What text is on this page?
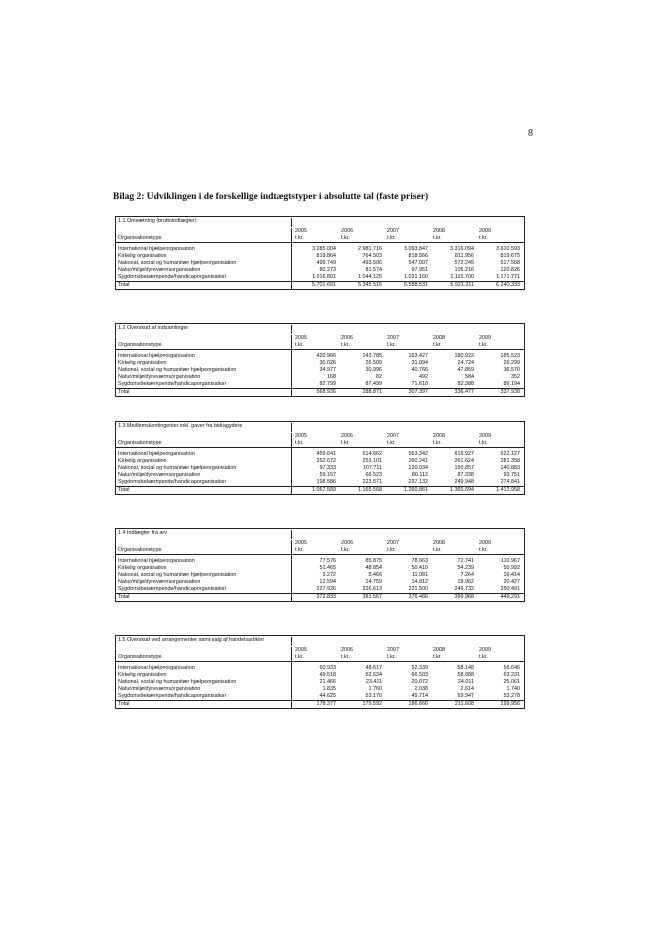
8
Bilag 2: Udviklingen i de forskellige indtægtstyper i absolutte tal (faste priser)
1.1 Omsætning (bruttoindtægter)
2005	2006	2007	2008	2009
Organisationstype	t.kr.	t.kr.	t.kr.	t.kr.	t.kr.
International hjælpeorganisation	3.285.004	2.981.716	3.093.847	3.316.094	3.610.593
Kirkelig organisation	819.864	764.503	818.566	811.956	819.675
National, social og humanitær hjælpeorganisation	499.749	493.596	547.007	572.245	517.568
Natur/miljø/dyreværnsorganisation	80.273	81.574	97.951	105.216	120.826
Sygdomsbekæmpende/handicaporganisation	1.016.801	1.044.125	1.031.160	1.115.700	1.171.771
Total	5.701.691	5.345.516	5.588.531	5.921.211	6.240.333
1.2 Overskud af indsamlinger
2005	2006	2007	2008	2009
Organisationstype	t.kr.	t.kr.	t.kr.	t.kr.	t.kr.
International hjælpeorganisation	420.966	143.785	163.427	180.922	185.523
Kirkelig organisation	30.026	26.509	31.094	24.724	26.299
National, social og humanitær hjælpeorganisation	34.977	30.996	40.766	47.859	36.570
Natur/miljø/dyreværnsorganisation	168	82	492	584	352
Sygdomsbekæmpende/handicaporganisation	82.799	87.499	71.618	82.388	89.194
Total	568.936	288.871	307.397	336.477	337.938
1.3 Medlemskontingenter inkl. gaver fra bidragydere
2005	2006	2007	2008	2009
Organisationstype	t.kr.	t.kr.	t.kr.	t.kr.	t.kr.
International hjælpeorganisation	459.641	514.662	563.342	615.927	622.127
Kirkelig organisation	252.672	253.101	260.241	261.624	281.358
National, social og humanitær hjælpeorganisation	97.333	107.711	120.034	150.857	140.883
Natur/miljø/dyreværnsorganisation	59.157	66.523	80.112	87.338	93.751
Sygdomsbekæmpende/handicaporganisation	198.586	223.571	237.132	249.948	274.841
Total	1.067.589	1.165.568	1.260.861	1.365.694	1.412.958
1.4 Indtægter fra arv
2005	2006	2007	2008	2009
Organisationstype	t.kr.	t.kr.	t.kr.	t.kr.	t.kr.
International hjælpeorganisation	77.576	85.875	78.663	72.741	110.967
Kirkelig organisation	51.465	48.854	50.410	54.239	50.992
National, social og humanitær hjælpeorganisation	3.272	5.466	11.081	7.264	16.414
Natur/miljø/dyreværnsorganisation	12.594	14.759	14.812	18.962	20.427
Sygdomsbekæmpende/handicaporganisation	227.926	226.613	221.500	246.732	250.491
Total	372.833	381.567	376.466	399.968	449.291
1.5 Overskud ved arrangementer samt salg af handelsartikler
2005	2006	2007	2008	2009
Organisationstype	t.kr.	t.kr.	t.kr.	t.kr.	t.kr.
International hjælpeorganisation	60.933	48.617	52.339	58.148	56.646
Kirkelig organisation	49.518	52.634	66.503	58.888	63.231
National, social og humanitær hjælpeorganisation	21.466	23.411	20.072	24.011	25.061
Natur/miljø/dyreværnsorganisation	1.835	1.760	2.038	2.614	1.740
Sygdomsbekæmpende/handicaporganisation	44.625	53.170	45.714	69.947	53.278
Total	178.377	179.592	186.666	211.608	199.956
